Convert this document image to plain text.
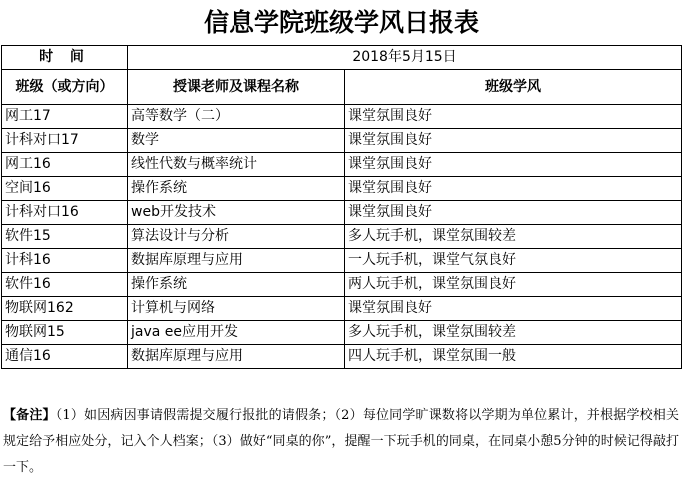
信息学院班级学风日报表
时 间	2018年5月15日	
班级（或方向）	授课老师及课程名称	班级学风
网工17	高等数学（二）	课堂氛围良好
计科对口17	数学	课堂氛围良好
网工16	线性代数与概率统计	课堂氛围良好
空间16	操作系统	课堂氛围良好
计科对口16	web开发技术	课堂氛围良好
软件15	算法设计与分析	多人玩手机，课堂氛围较差
计科16	数据库原理与应用	一人玩手机，课堂气氛良好
软件16	操作系统	两人玩手机，课堂氛围良好
物联网162	计算机与网络	课堂氛围良好
物联网15	java ee应用开发	多人玩手机，课堂氛围较差
通信16	数据库原理与应用	四人玩手机，课堂氛围一般
【备注】（1）如因病因事请假需提交履行报批的请假条；（2）每位同学旷课数将以学期为单位累计，并根据学校相关规定给予相应处分，记入个人档案；（3）做好“同桌的你”，提醒一下玩手机的同桌，在同桌小憩5分钟的时候记得敲打一下。
